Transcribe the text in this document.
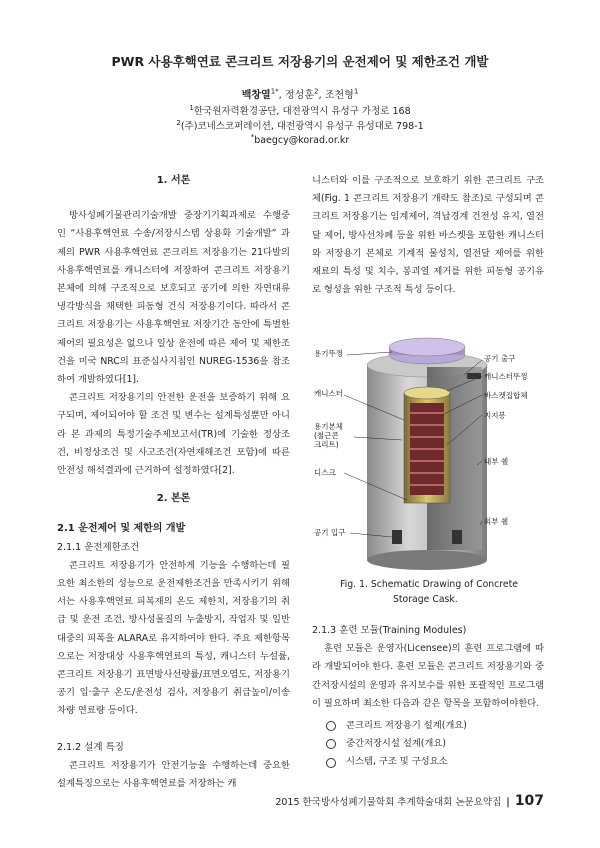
PWR 사용후핵연료 콘크리트 저장용기의 운전제어 및 제한조건 개발
백창열$^{1*}$, 정성훈$^2$, 조천형$^1$
$^1$한국원자력환경공단, 대전광역시 유성구 가정로 168
$^2$(주)코네스코퍼레이션, 대전광역시 유성구 유성대로 798-1
*baegcy@korad.or.kr
1. 서론

방사성폐기물관리기술개발 중장기기획과제로 수행중인 “사용후핵연료 수송/저장시스템 상용화 기술개발” 과제의 PWR 사용후핵연료 콘크리트 저장용기는 21다발의 사용후핵연료를 캐니스터에 저장하여 콘크리트 저장용기 본체에 의해 구조적으로 보호되고 공기에 의한 자연대류 냉각방식을 채택한 피동형 건식 저장용기이다. 따라서 콘크리트 저장용기는 사용후핵연료 저장기간 동안에 특별한 제어의 필요성은 없으나 일상 운전에 따른 제어 및 제한조건을 미국 NRC의 표준심사지침인 NUREG-1536을 참조하여 개발하였다[1].

콘크리트 저장용기의 안전한 운전을 보증하기 위해 요구되며, 제어되어야 할 조건 및 변수는 설계특성뿐만 아니라 본 과제의 특정기술주제보고서(TR)에 기술한 정상조건, 비정상조건 및 사고조건(자연재해조건 포함)에 따른 안전성 해석결과에 근거하여 설정하였다[2].

2. 본론
2.1 운전제어 및 제한의 개발
2.1.1 운전제한조건

콘크리트 저장용기가 안전하게 기능을 수행하는데 필요한 최소한의 성능으로 운전제한조건을 만족시키기 위해서는 사용후핵연료 피복재의 온도 제한치, 저장용기의 취급 및 운전 조건, 방사성물질의 누출방지, 작업자 및 일반 대중의 피폭을 ALARA로 유지하여야 한다. 주요 제한항목으로는 저장대상 사용후핵연료의 특성, 캐니스터 누설률, 콘크리트 저장용기 표면방사선량률/표면오염도, 저장용기 공기 입·출구 온도/운전성 검사, 저장용기 취급높이/이송차량 연료량 등이다.

2.1.2 설계 특징

콘크리트 저장용기가 안전기능을 수행하는데 중요한 설계특징으로는 사용후핵연료를 저장하는 캐

니스터와 이를 구조적으로 보호하기 위한 콘크리트 구조체(Fig. 1 콘크리트 저장용기 개략도 참조)로 구성되며 콘크리트 저장용기는 임계제어, 격납경계 건전성 유지, 열전달 제어, 방사선차폐 등을 위한 바스켓을 포함한 캐니스터와 저장용기 본체로 기계적 물성치, 열전달 제어를 위한 재료의 특성 및 치수, 봉괴열 제거를 위한 피동형 공기유로 형성을 위한 구조적 특성 등이다.

용기뚜껑
공기 출구
캐니스터뚜껑
바스켓집합체
캐니스터
지지봉
용기본체
(철근콘
크리트)
내부 쉘
디스크
외부 쉘
공기 입구
Fig. 1. Schematic Drawing of Concrete
Storage Cask.
2.1.3 훈련 모듈(Training Modules)

훈련 모듈은 운영자(Licensee)의 훈련 프로그램에 따라 개발되어야 한다. 훈련 모듈은 콘크리트 저장용기와 중간저장시설의 운영과 유지보수를 위한 포괄적인 프로그램이 필요하며 최소한 다음과 같은 항목을 포함하여야한다.

콘크리트 저장용기 설계(개요)
중간저장시설 설계(개요)
시스템, 구조 및 구성요소
2015 한국방사성폐기물학회 추계학술대회 논문요약집 | 107
